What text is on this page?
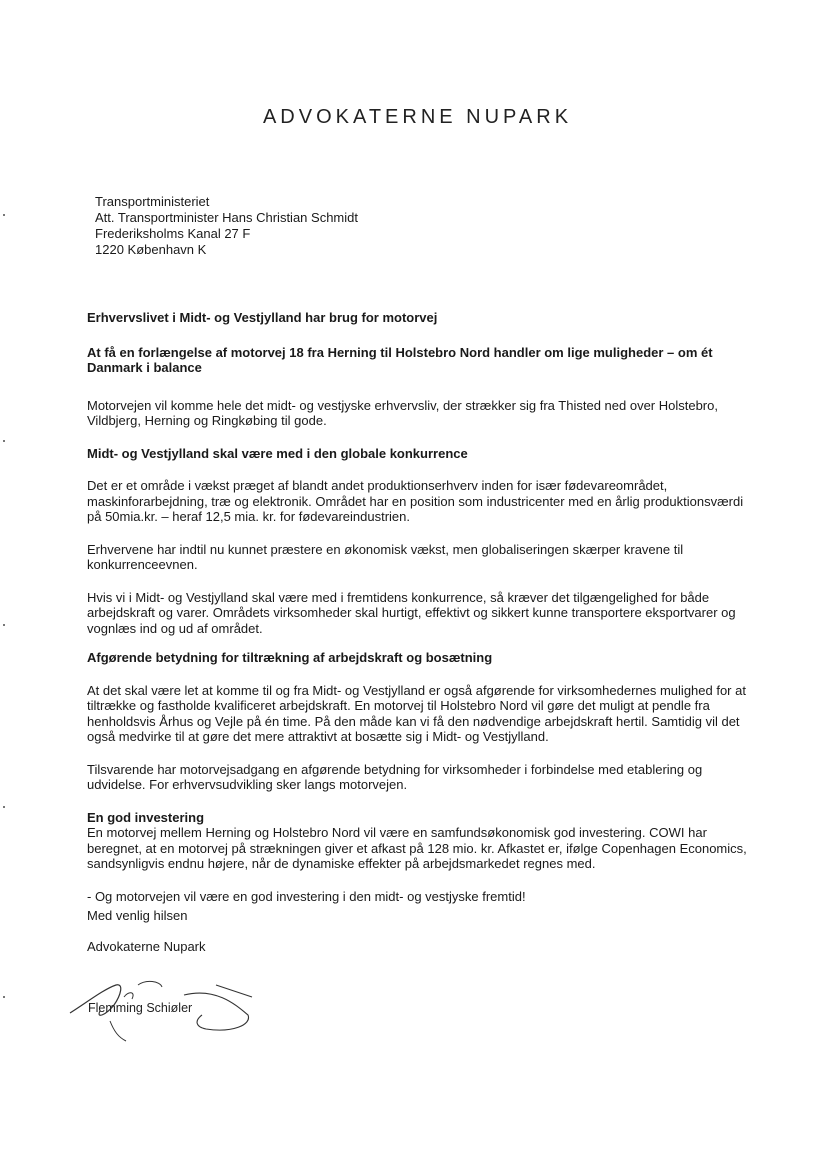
ADVOKATERNE NUPARK
Transportministeriet
Att. Transportminister Hans Christian Schmidt
Frederiksholms Kanal 27 F
1220 København K

Erhvervslivet i Midt- og Vestjylland har brug for motorvej

At få en forlængelse af motorvej 18 fra Herning til Holstebro Nord handler om lige muligheder – om ét Danmark i balance

Motorvejen vil komme hele det midt- og vestjyske erhvervsliv, der strækker sig fra Thisted ned over Holstebro, Vildbjerg, Herning og Ringkøbing til gode.

Midt- og Vestjylland skal være med i den globale konkurrence

Det er et område i vækst præget af blandt andet produktionserhverv inden for især fødevareområdet, maskinforarbejdning, træ og elektronik. Området har en position som industricenter med en årlig produktionsværdi på 50mia.kr. – heraf 12,5 mia. kr. for fødevareindustrien.

Erhvervene har indtil nu kunnet præstere en økonomisk vækst, men globaliseringen skærper kravene til konkurrenceevnen.

Hvis vi i Midt- og Vestjylland skal være med i fremtidens konkurrence, så kræver det tilgængelighed for både arbejdskraft og varer. Områdets virksomheder skal hurtigt, effektivt og sikkert kunne transportere eksportvarer og vognlæs ind og ud af området.

Afgørende betydning for tiltrækning af arbejdskraft og bosætning

At det skal være let at komme til og fra Midt- og Vestjylland er også afgørende for virksomhedernes mulighed for at tiltrække og fastholde kvalificeret arbejdskraft. En motorvej til Holstebro Nord vil gøre det muligt at pendle fra henholdsvis Århus og Vejle på én time. På den måde kan vi få den nødvendige arbejdskraft hertil. Samtidig vil det også medvirke til at gøre det mere attraktivt at bosætte sig i Midt- og Vestjylland.

Tilsvarende har motorvejsadgang en afgørende betydning for virksomheder i forbindelse med etablering og udvidelse. For erhvervsudvikling sker langs motorvejen.

En god investering

En motorvej mellem Herning og Holstebro Nord vil være en samfundsøkonomisk god investering. COWI har beregnet, at en motorvej på strækningen giver et afkast på 128 mio. kr. Afkastet er, ifølge Copenhagen Economics, sandsynligvis endnu højere, når de dynamiske effekter på arbejdsmarkedet regnes med.

- Og motorvejen vil være en god investering i den midt- og vestjyske fremtid!

Med venlig hilsen
Advokaterne Nupark
Flemming Schiøler
